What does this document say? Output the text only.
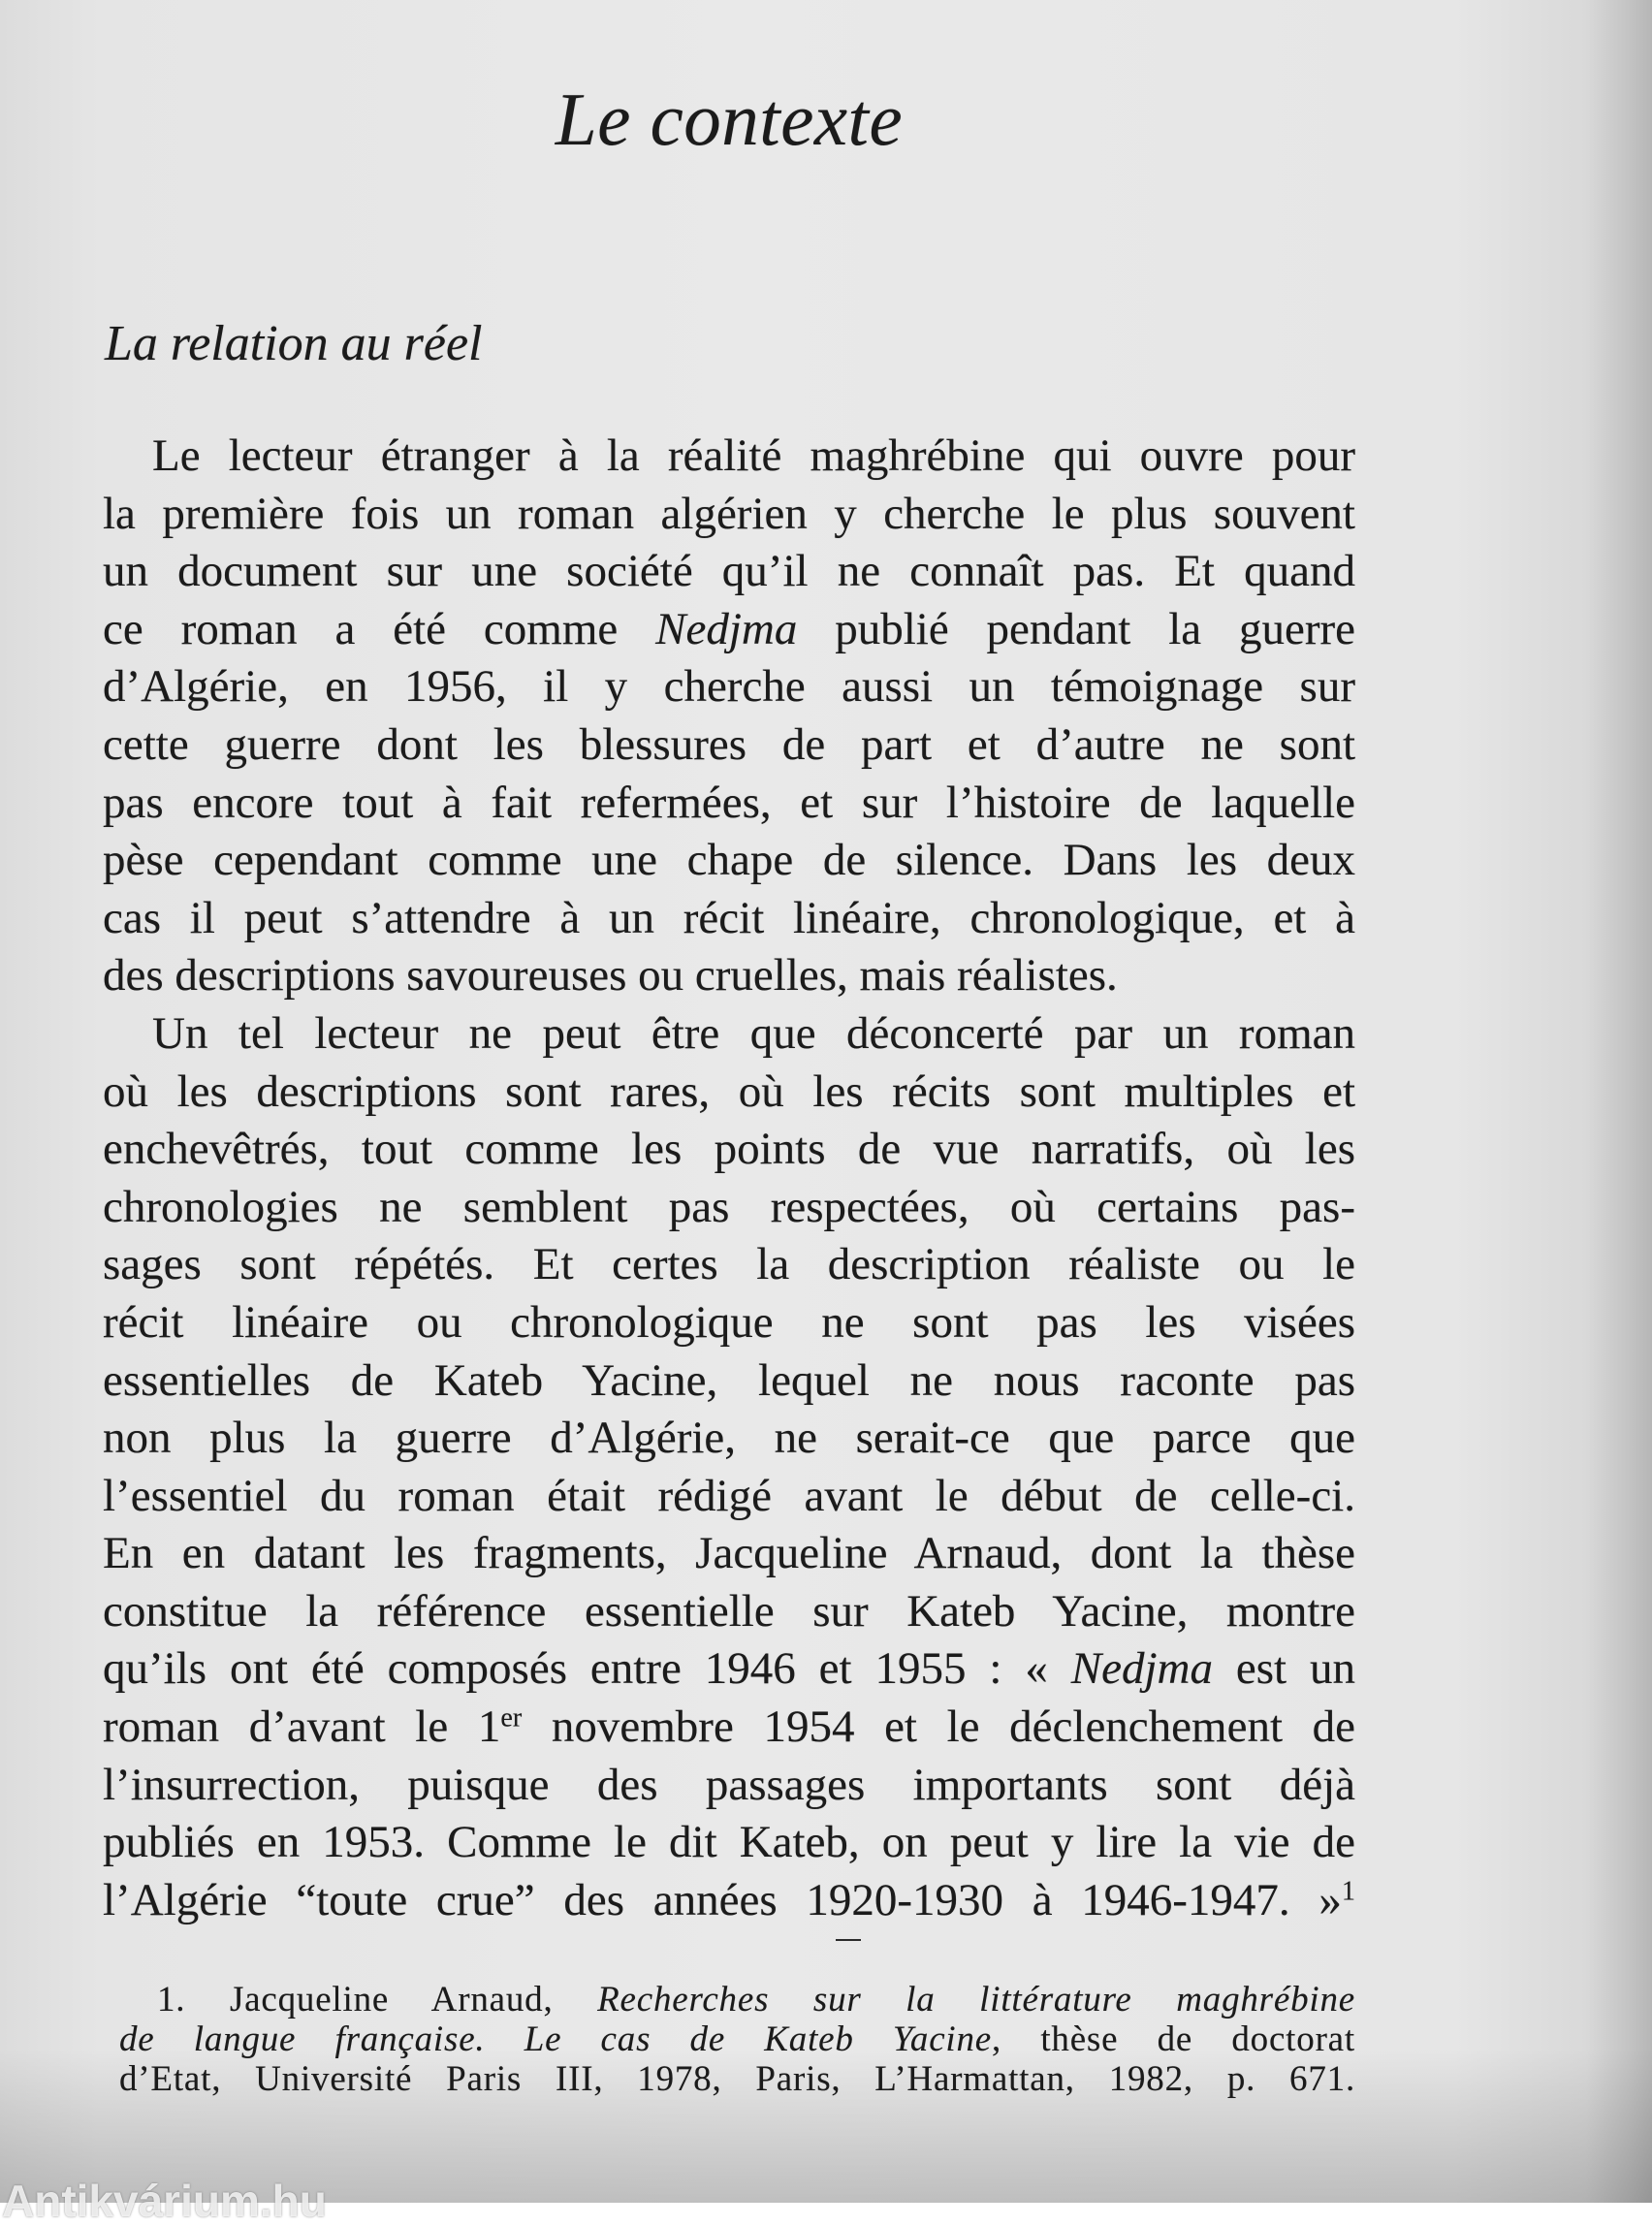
Le contexte
La relation au réel
Le lecteur étranger à la réalité maghrébine qui ouvre pour
la première fois un roman algérien y cherche le plus souvent
un document sur une société qu’il ne connaît pas. Et quand
ce roman a été comme Nedjma publié pendant la guerre
d’Algérie, en 1956, il y cherche aussi un témoignage sur
cette guerre dont les blessures de part et d’autre ne sont
pas encore tout à fait refermées, et sur l’histoire de laquelle
pèse cependant comme une chape de silence. Dans les deux
cas il peut s’attendre à un récit linéaire, chronologique, et à
des descriptions savoureuses ou cruelles, mais réalistes.
Un tel lecteur ne peut être que déconcerté par un roman
où les descriptions sont rares, où les récits sont multiples et
enchevêtrés, tout comme les points de vue narratifs, où les
chronologies ne semblent pas respectées, où certains pas-
sages sont répétés. Et certes la description réaliste ou le
récit linéaire ou chronologique ne sont pas les visées
essentielles de Kateb Yacine, lequel ne nous raconte pas
non plus la guerre d’Algérie, ne serait-ce que parce que
l’essentiel du roman était rédigé avant le début de celle-ci.
En en datant les fragments, Jacqueline Arnaud, dont la thèse
constitue la référence essentielle sur Kateb Yacine, montre
qu’ils ont été composés entre 1946 et 1955 : « Nedjma est un
roman d’avant le 1er novembre 1954 et le déclenchement de
l’insurrection, puisque des passages importants sont déjà
publiés en 1953. Comme le dit Kateb, on peut y lire la vie de
l’Algérie “toute crue” des années 1920-1930 à 1946-1947. »$^1$
1. Jacqueline Arnaud, Recherches sur la littérature maghrébine
de langue française. Le cas de Kateb Yacine, thèse de doctorat
d’Etat, Université Paris III, 1978, Paris, L’Harmattan, 1982, p. 671.
Antikvárium.hu
